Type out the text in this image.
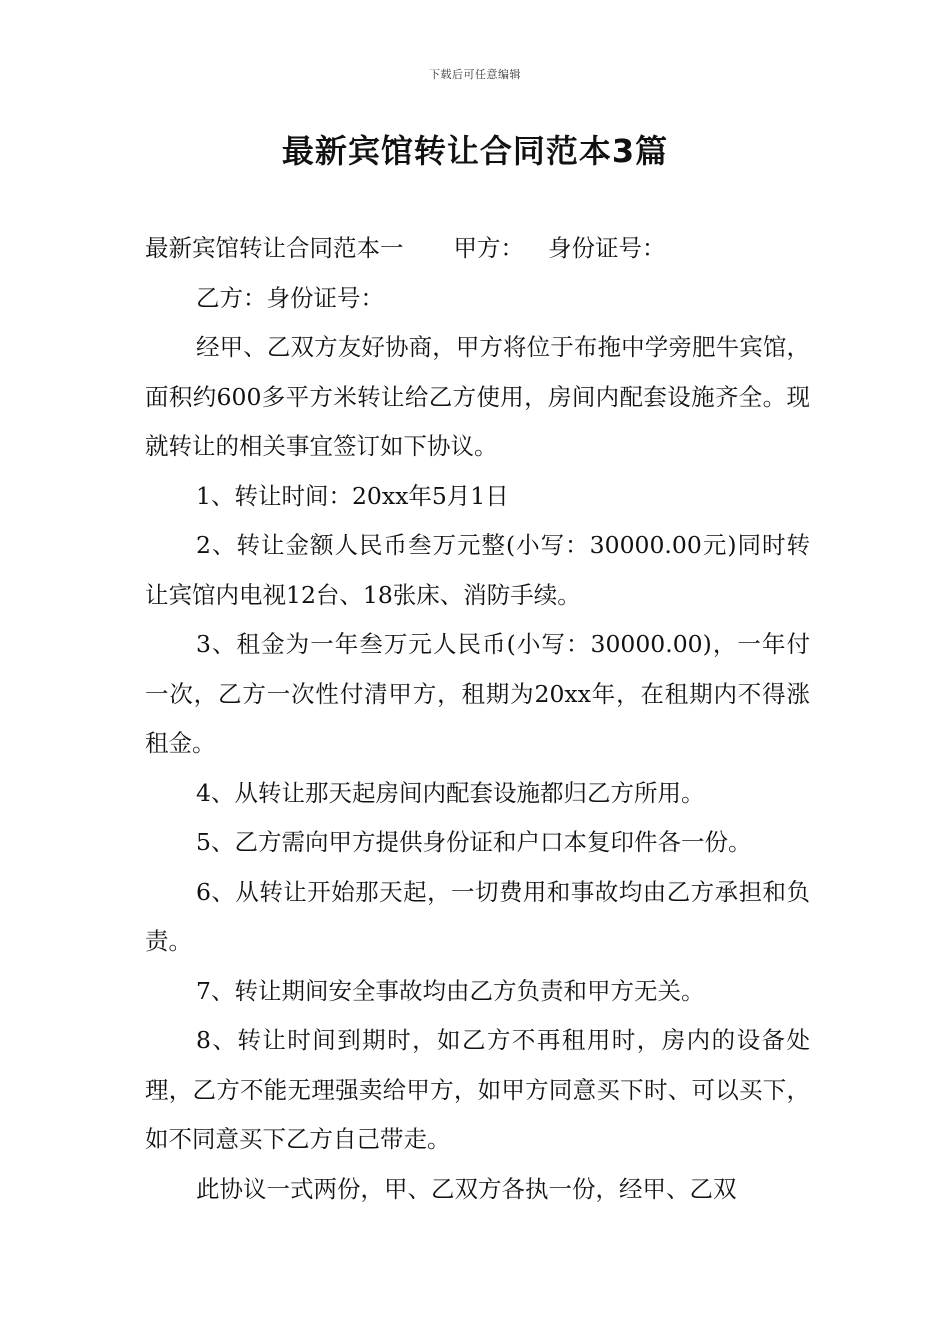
下载后可任意编辑
最新宾馆转让合同范本3篇

最新宾馆转让合同范本一 甲方： 身份证号：

乙方：身份证号：

经甲、乙双方友好协商，甲方将位于布拖中学旁肥牛宾馆，面积约600多平方米转让给乙方使用，房间内配套设施齐全。现就转让的相关事宜签订如下协议。

1、转让时间：20xx年5月1日

2、转让金额人民币叁万元整(小写：30000.00元)同时转让宾馆内电视12台、18张床、消防手续。

3、租金为一年叁万元人民币(小写：30000.00)，一年付一次，乙方一次性付清甲方，租期为20xx年，在租期内不得涨租金。

4、从转让那天起房间内配套设施都归乙方所用。

5、乙方需向甲方提供身份证和户口本复印件各一份。

6、从转让开始那天起，一切费用和事故均由乙方承担和负责。

7、转让期间安全事故均由乙方负责和甲方无关。

8、转让时间到期时，如乙方不再租用时，房内的设备处理，乙方不能无理强卖给甲方，如甲方同意买下时、可以买下，如不同意买下乙方自己带走。

此协议一式两份，甲、乙双方各执一份，经甲、乙双
